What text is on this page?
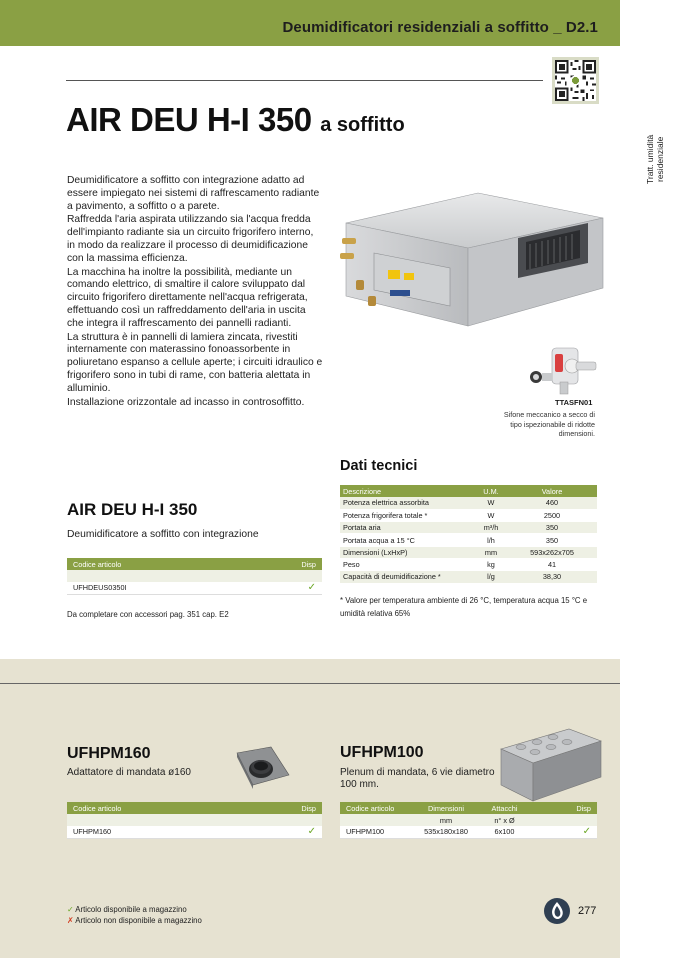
Deumidificatori residenziali a soffitto _ D2.1
AIR DEU H-I 350 a soffitto

Deumidificatore a soffitto con integrazione adatto ad essere impiegato nei sistemi di raffrescamento radiante a pavimento, a soffitto o a parete.

Raffredda l'aria aspirata utilizzando sia l'acqua fredda dell'impianto radiante sia un circuito frigorifero interno, in modo da realizzare il processo di deumidificazione con la massima efficienza.

La macchina ha inoltre la possibilità, mediante un comando elettrico, di smaltire il calore sviluppato dal circuito frigorifero direttamente nell'acqua refrigerata, effettuando così un raffreddamento dell'aria in uscita che integra il raffrescamento dei pannelli radianti.

La struttura è in pannelli di lamiera zincata, rivestiti internamente con materassino fonoassorbente in poliuretano espanso a cellule aperte; i circuiti idraulico e frigorifero sono in tubi di rame, con batteria alettata in alluminio.

Installazione orizzontale ad incasso in controsoffitto.	TTASFN01
Sifone meccanico a secco di tipo ispezionabile di ridotte dimensioni.
Dati tecnici
Descrizione	U.M.	Valore
Potenza elettrica assorbita	W	460
Potenza frigorifera totale *	W	2500
Portata aria	m³/h	350
Portata acqua a 15 °C	l/h	350
Dimensioni (LxHxP)	mm	593x262x705
Peso	kg	41
Capacità di deumidificazione *	l/g	38,30
* Valore per temperatura ambiente di 26 °C, temperatura acqua 15 °C e umidità relativa 65%
AIR DEU H-I 350
Deumidificatore a soffitto con integrazione
Codice articolo	Disp

UFHDEUS0350I	✓
Da completare con accessori pag. 351 cap. E2
UFHPM160
Adattatore di mandata ø160
Codice articolo	Disp

UFHPM160	✓
UFHPM100
Plenum di mandata, 6 vie diametro 100 mm.
Codice articolo	Dimensioni	Attacchi	Disp
	mm	n° x Ø	
UFHPM100	535x180x180	6x100	✓
✓ Articolo disponibile a magazzino
✗ Articolo non disponibile a magazzino
277
Tratt. umidità
residenziale
